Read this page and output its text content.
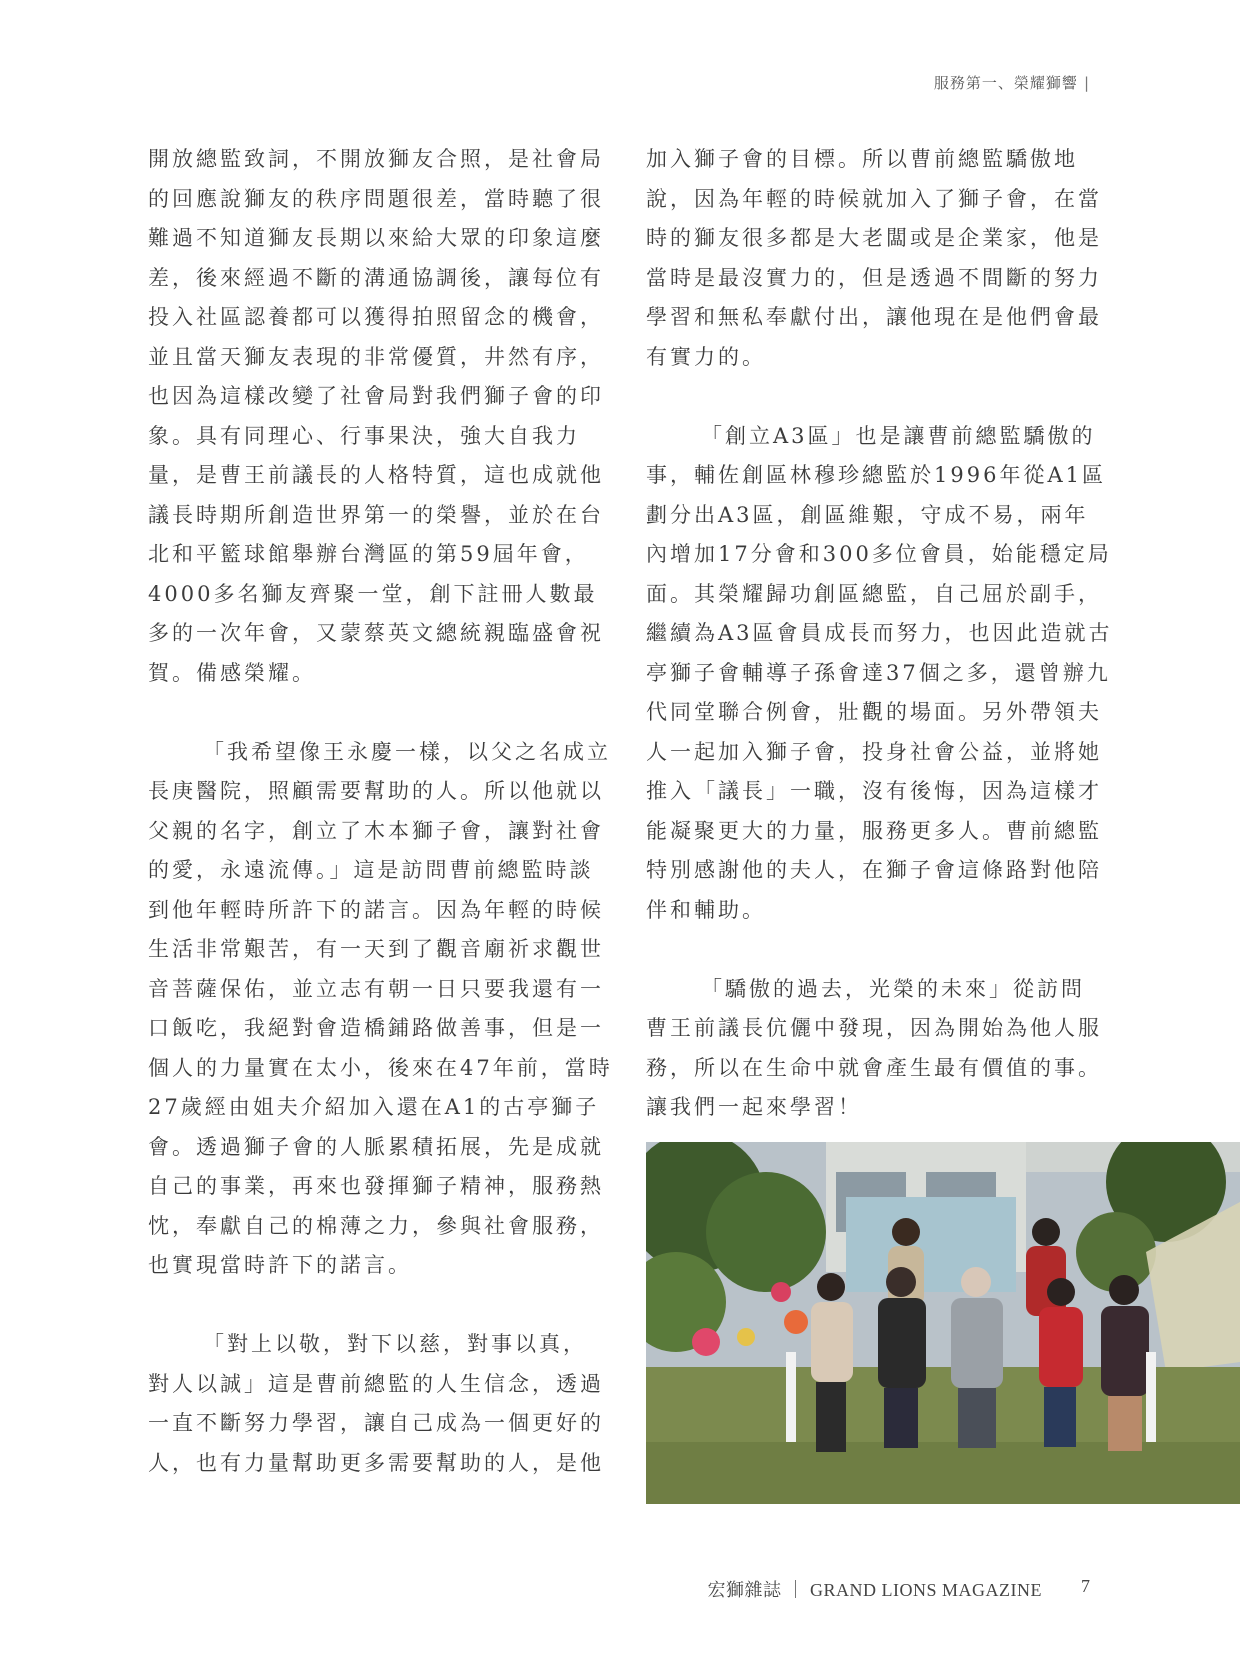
服務第一、榮耀獅響 |
開放總監致詞，不開放獅友合照，是社會局
的回應說獅友的秩序問題很差，當時聽了很
難過不知道獅友長期以來給大眾的印象這麼
差，後來經過不斷的溝通協調後，讓每位有
投入社區認養都可以獲得拍照留念的機會，
並且當天獅友表現的非常優質，井然有序，
也因為這樣改變了社會局對我們獅子會的印
象。具有同理心、行事果決，強大自我力
量，是曹王前議長的人格特質，這也成就他
議長時期所創造世界第一的榮譽，並於在台
北和平籃球館舉辦台灣區的第59屆年會，
4000多名獅友齊聚一堂，創下註冊人數最
多的一次年會，又蒙蔡英文總統親臨盛會祝
賀。備感榮耀。
「我希望像王永慶一樣，以父之名成立
長庚醫院，照顧需要幫助的人。所以他就以
父親的名字，創立了木本獅子會，讓對社會
的愛，永遠流傳。」這是訪問曹前總監時談
到他年輕時所許下的諾言。因為年輕的時候
生活非常艱苦，有一天到了觀音廟祈求觀世
音菩薩保佑，並立志有朝一日只要我還有一
口飯吃，我絕對會造橋鋪路做善事，但是一
個人的力量實在太小，後來在47年前，當時
27歲經由姐夫介紹加入還在A1的古亭獅子
會。透過獅子會的人脈累積拓展，先是成就
自己的事業，再來也發揮獅子精神，服務熱
忱，奉獻自己的棉薄之力，參與社會服務，
也實現當時許下的諾言。
「對上以敬，對下以慈，對事以真，
對人以誠」這是曹前總監的人生信念，透過
一直不斷努力學習，讓自己成為一個更好的
人，也有力量幫助更多需要幫助的人，是他
加入獅子會的目標。所以曹前總監驕傲地
說，因為年輕的時候就加入了獅子會，在當
時的獅友很多都是大老闆或是企業家，他是
當時是最沒實力的，但是透過不間斷的努力
學習和無私奉獻付出，讓他現在是他們會最
有實力的。
「創立A3區」也是讓曹前總監驕傲的
事，輔佐創區林穆珍總監於1996年從A1區
劃分出A3區，創區維艱，守成不易，兩年
內增加17分會和300多位會員，始能穩定局
面。其榮耀歸功創區總監，自己屈於副手，
繼續為A3區會員成長而努力，也因此造就古
亭獅子會輔導子孫會達37個之多，還曾辦九
代同堂聯合例會，壯觀的場面。另外帶領夫
人一起加入獅子會，投身社會公益，並將她
推入「議長」一職，沒有後悔，因為這樣才
能凝聚更大的力量，服務更多人。曹前總監
特別感謝他的夫人，在獅子會這條路對他陪
伴和輔助。
「驕傲的過去，光榮的未來」從訪問
曹王前議長伉儷中發現，因為開始為他人服
務，所以在生命中就會產生最有價值的事。
讓我們一起來學習！
宏獅雜誌 ｜ GRAND LIONS MAGAZINE 7
